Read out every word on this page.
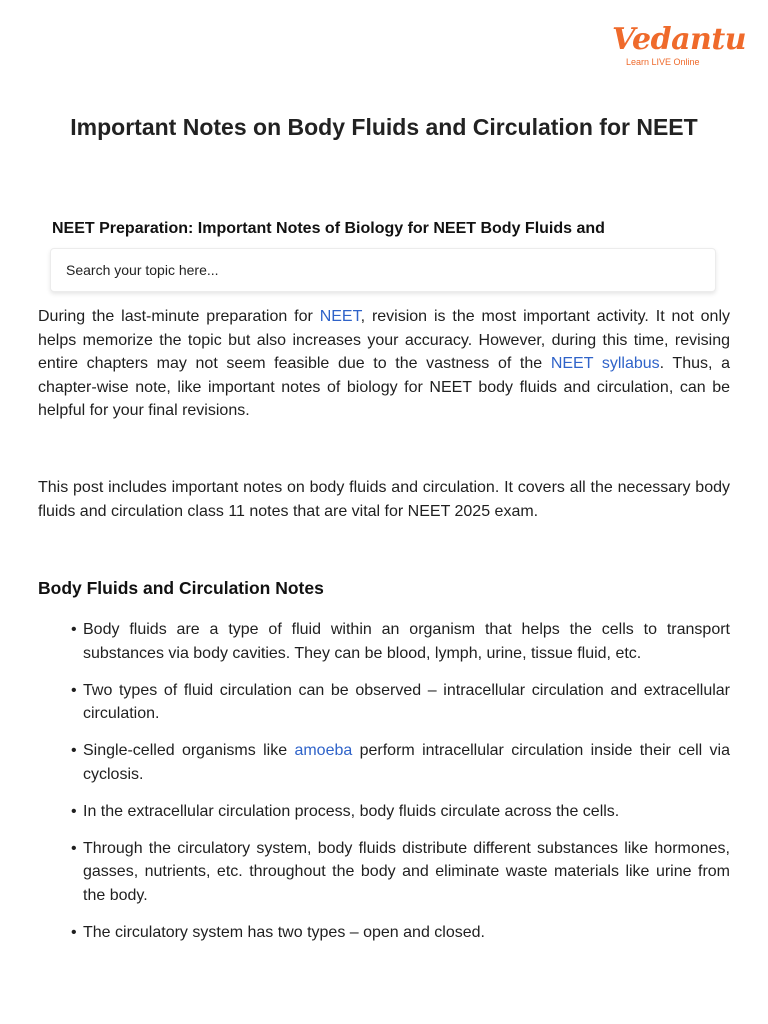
Vedantu
Learn LIVE Online
Important Notes on Body Fluids and Circulation for NEET
NEET Preparation: Important Notes of Biology for NEET Body Fluids and
Search your topic here...

During the last-minute preparation for NEET, revision is the most important activity. It not only helps memorize the topic but also increases your accuracy. However, during this time, revising entire chapters may not seem feasible due to the vastness of the NEET syllabus. Thus, a chapter-wise note, like important notes of biology for NEET body fluids and circulation, can be helpful for your final revisions.

This post includes important notes on body fluids and circulation. It covers all the necessary body fluids and circulation class 11 notes that are vital for NEET 2025 exam.

Body Fluids and Circulation Notes
• Body fluids are a type of fluid within an organism that helps the cells to transport substances via body cavities. They can be blood, lymph, urine, tissue fluid, etc.
• Two types of fluid circulation can be observed – intracellular circulation and extracellular circulation.
• Single-celled organisms like amoeba perform intracellular circulation inside their cell via cyclosis.
• In the extracellular circulation process, body fluids circulate across the cells.
• Through the circulatory system, body fluids distribute different substances like hormones, gasses, nutrients, etc. throughout the body and eliminate waste materials like urine from the body.
• The circulatory system has two types – open and closed.
